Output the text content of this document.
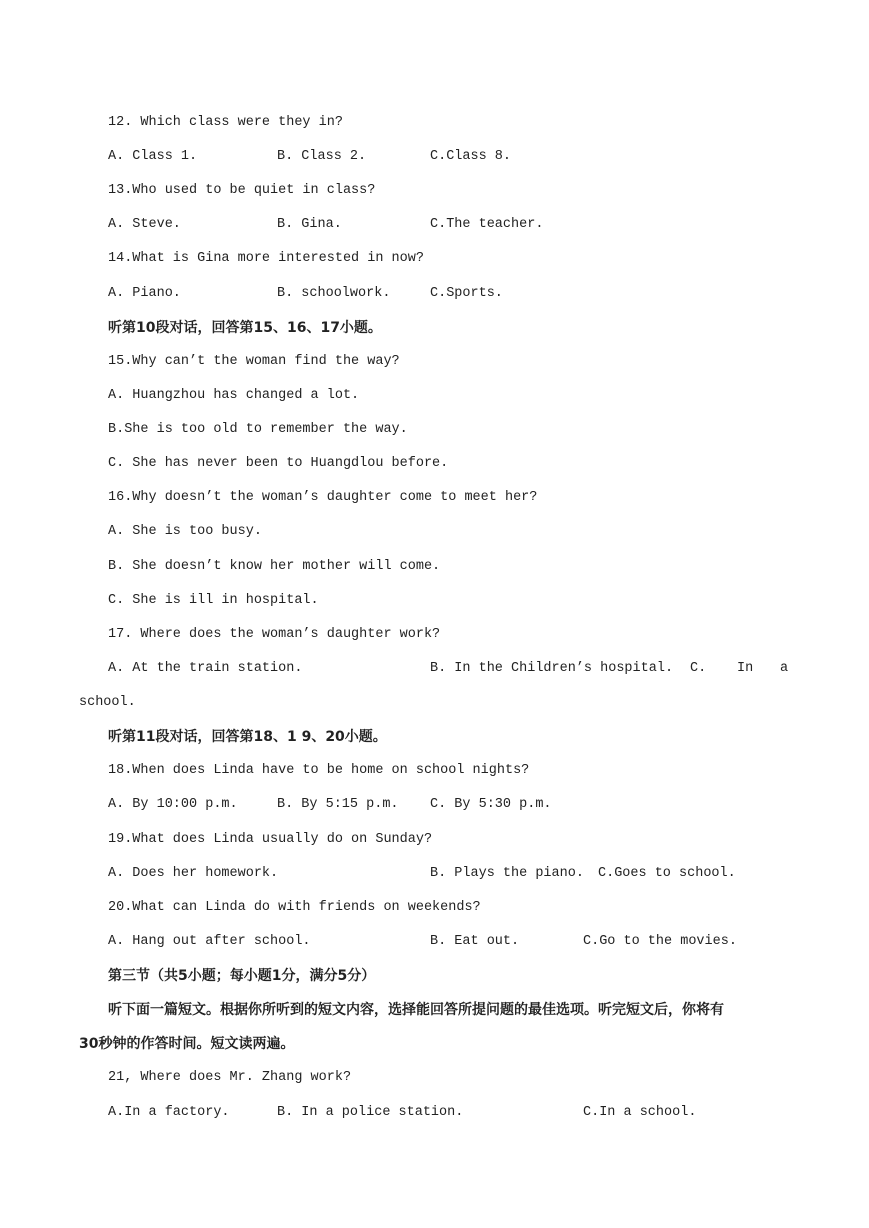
12. Which class were they in?
A. Class 1.	B. Class 2.	C.Class 8.
13.Who used to be quiet in class?
A. Steve.	B. Gina.	C.The teacher.
14.What is Gina more interested in now?
A. Piano.	B. schoolwork.	C.Sports.
听第10段对话，回答第15、16、17小题。
15.Why can’t the woman find the way?
A. Huangzhou has changed a lot.
B.She is too old to remember the way.
C. She has never been to Huangdlou before.
16.Why doesn’t the woman’s daughter come to meet her?
A. She is too busy.
B. She doesn’t know her mother will come.
C. She is ill in hospital.
17. Where does the woman’s daughter work?
A. At the train station.	B. In the Children’s hospital. C. In a
school.
听第11段对话，回答第18、1 9、20小题。
18.When does Linda have to be home on school nights?
A. By 10:00 p.m.	B. By 5:15 p.m. C. By 5:30 p.m.
19.What does Linda usually do on Sunday?
A. Does her homework.	B. Plays the piano. C.Goes to school.
20.What can Linda do with friends on weekends?
A. Hang out after school.	B. Eat out.	C.Go to the movies.
第三节（共5小题；每小题1分，满分5分）
听下面一篇短文。根据你所听到的短文内容，选择能回答所提问题的最佳选项。听完短文后，你将有
30秒钟的作答时间。短文读两遍。
21, Where does Mr. Zhang work?
A.In a factory.	B. In a police station.	C.In a school.
